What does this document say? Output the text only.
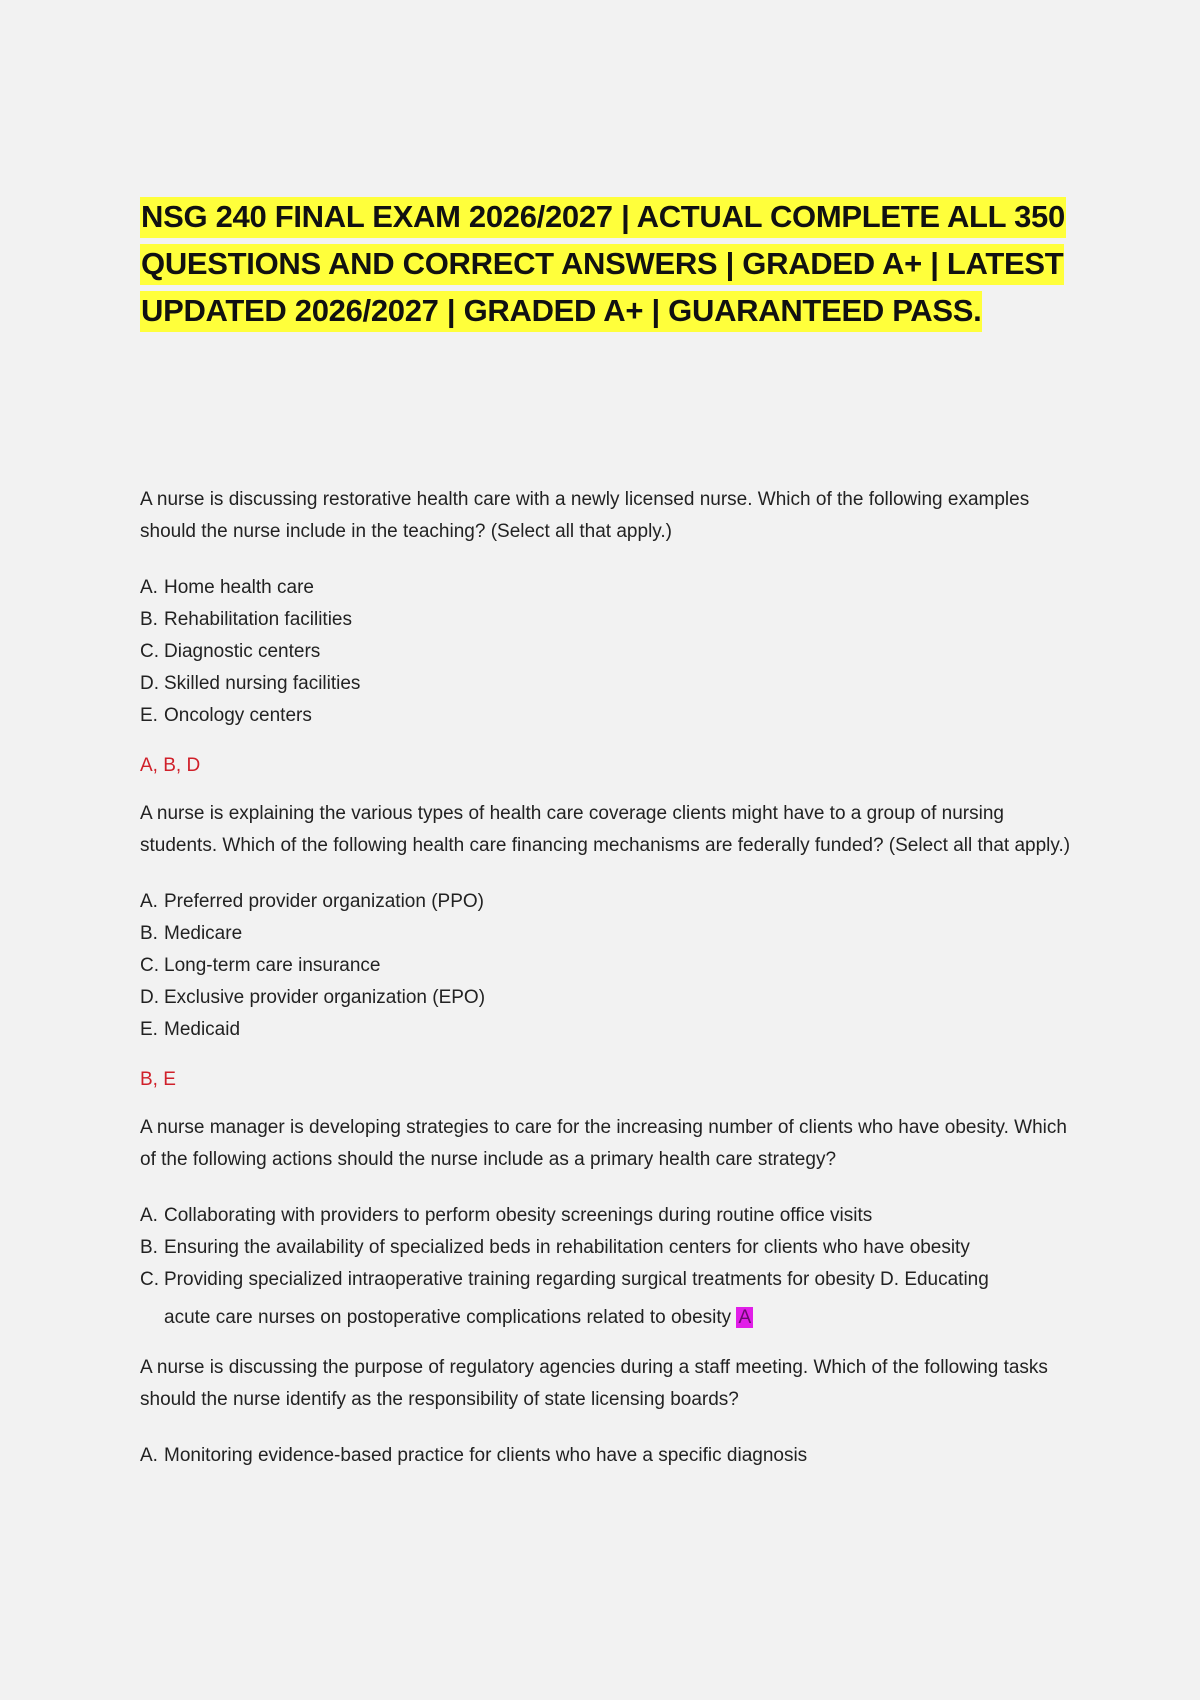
NSG 240 FINAL EXAM 2026/2027 | ACTUAL COMPLETE ALL 350 QUESTIONS AND CORRECT ANSWERS | GRADED A+ | LATEST UPDATED 2026/2027 | GRADED A+ | GUARANTEED PASS.

A nurse is discussing restorative health care with a newly licensed nurse. Which of the following examples should the nurse include in the teaching? (Select all that apply.)

A. Home health care
B. Rehabilitation facilities
C. Diagnostic centers
D. Skilled nursing facilities
E. Oncology centers

A, B, D

A nurse is explaining the various types of health care coverage clients might have to a group of nursing students. Which of the following health care financing mechanisms are federally funded? (Select all that apply.)

A. Preferred provider organization (PPO)
B. Medicare
C. Long-term care insurance
D. Exclusive provider organization (EPO)
E. Medicaid

B, E

A nurse manager is developing strategies to care for the increasing number of clients who have obesity. Which of the following actions should the nurse include as a primary health care strategy?

A. Collaborating with providers to perform obesity screenings during routine office visits
B. Ensuring the availability of specialized beds in rehabilitation centers for clients who have obesity
C. Providing specialized intraoperative training regarding surgical treatments for obesity D. Educating
acute care nurses on postoperative complications related to obesity A

A nurse is discussing the purpose of regulatory agencies during a staff meeting. Which of the following tasks should the nurse identify as the responsibility of state licensing boards?

A. Monitoring evidence-based practice for clients who have a specific diagnosis
